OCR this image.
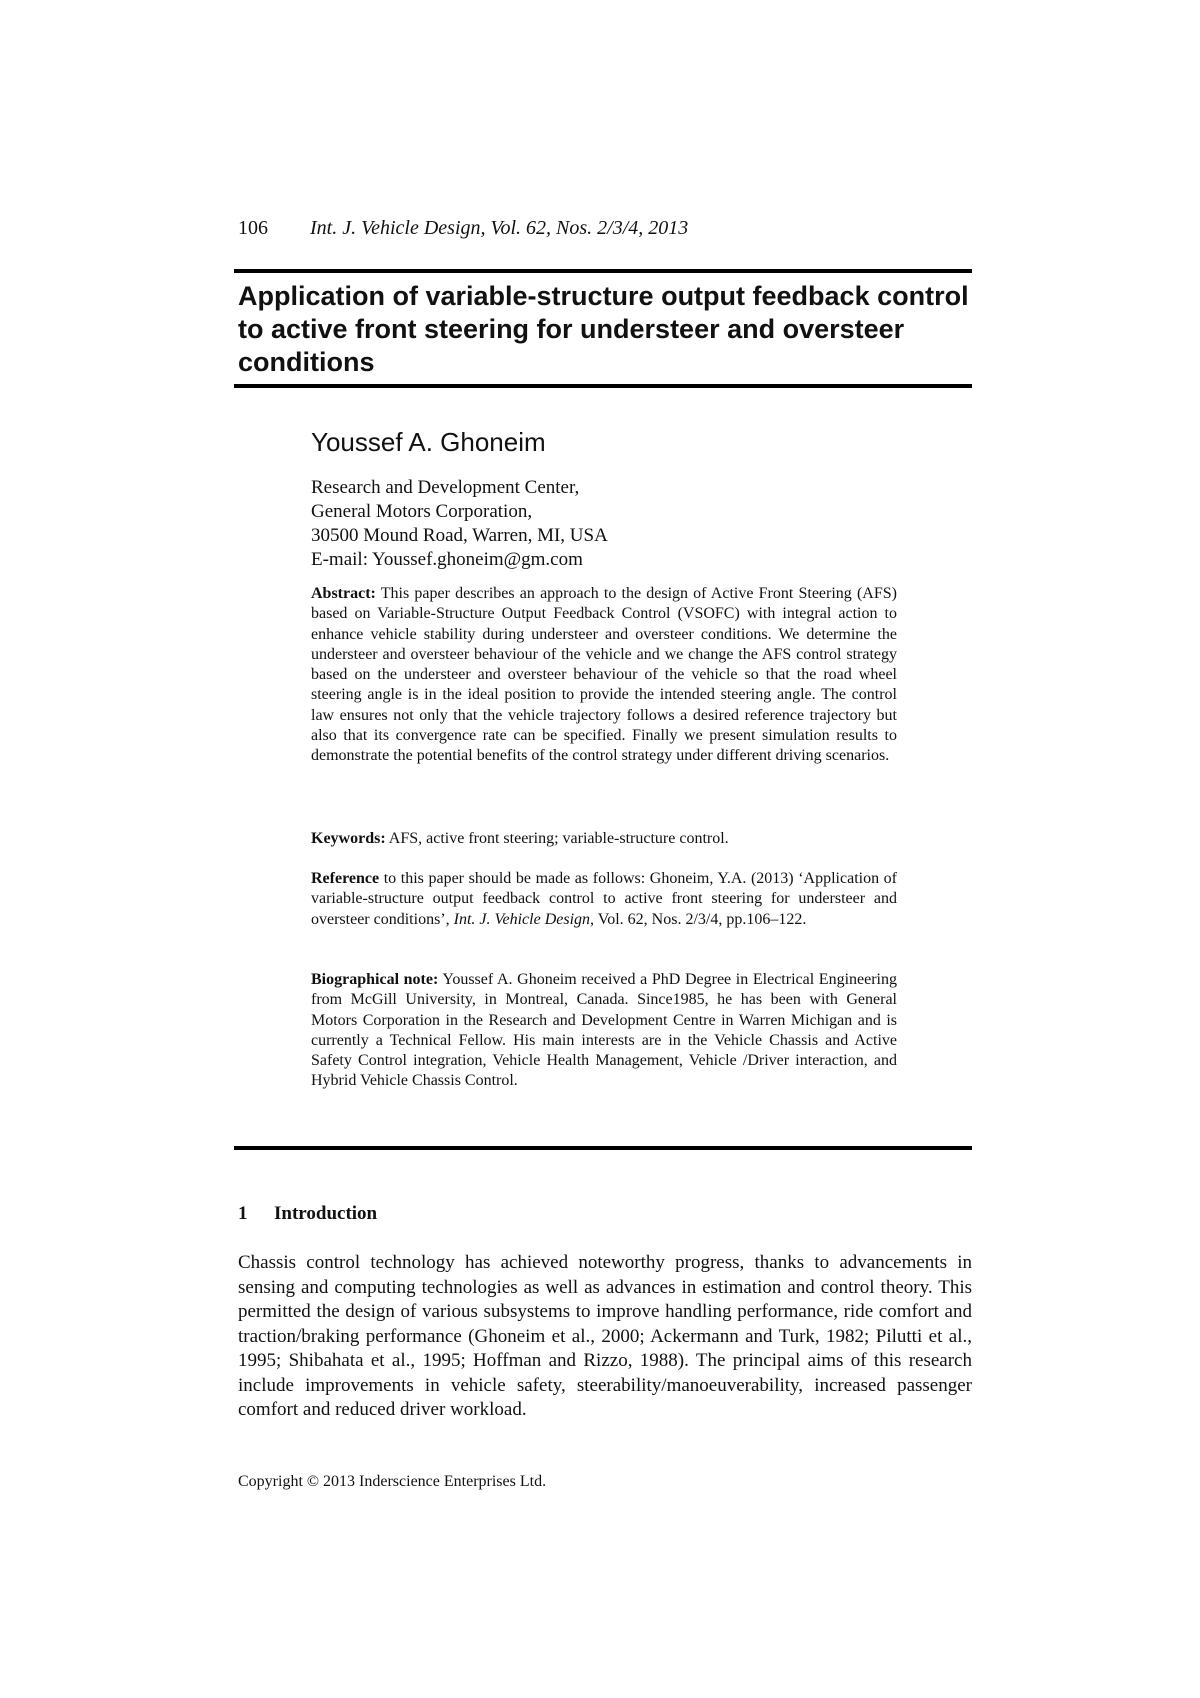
106 Int. J. Vehicle Design, Vol. 62, Nos. 2/3/4, 2013
Application of variable-structure output feedback control to active front steering for understeer and oversteer conditions

Youssef A. Ghoneim

Research and Development Center,

General Motors Corporation,

30500 Mound Road, Warren, MI, USA

E-mail: Youssef.ghoneim@gm.com

Abstract: This paper describes an approach to the design of Active Front Steering (AFS) based on Variable-Structure Output Feedback Control (VSOFC) with integral action to enhance vehicle stability during understeer and oversteer conditions. We determine the understeer and oversteer behaviour of the vehicle and we change the AFS control strategy based on the understeer and oversteer behaviour of the vehicle so that the road wheel steering angle is in the ideal position to provide the intended steering angle. The control law ensures not only that the vehicle trajectory follows a desired reference trajectory but also that its convergence rate can be specified. Finally we present simulation results to demonstrate the potential benefits of the control strategy under different driving scenarios.

Keywords: AFS, active front steering; variable-structure control.

Reference to this paper should be made as follows: Ghoneim, Y.A. (2013) ‘Application of variable-structure output feedback control to active front steering for understeer and oversteer conditions’, Int. J. Vehicle Design, Vol. 62, Nos. 2/3/4, pp.106–122.

Biographical note: Youssef A. Ghoneim received a PhD Degree in Electrical Engineering from McGill University, in Montreal, Canada. Since1985, he has been with General Motors Corporation in the Research and Development Centre in Warren Michigan and is currently a Technical Fellow. His main interests are in the Vehicle Chassis and Active Safety Control integration, Vehicle Health Management, Vehicle /Driver interaction, and Hybrid Vehicle Chassis Control.

1 Introduction

Chassis control technology has achieved noteworthy progress, thanks to advancements in sensing and computing technologies as well as advances in estimation and control theory. This permitted the design of various subsystems to improve handling performance, ride comfort and traction/braking performance (Ghoneim et al., 2000; Ackermann and Turk, 1982; Pilutti et al., 1995; Shibahata et al., 1995; Hoffman and Rizzo, 1988). The principal aims of this research include improvements in vehicle safety, steerability/manoeuverability, increased passenger comfort and reduced driver workload.

Copyright © 2013 Inderscience Enterprises Ltd.
